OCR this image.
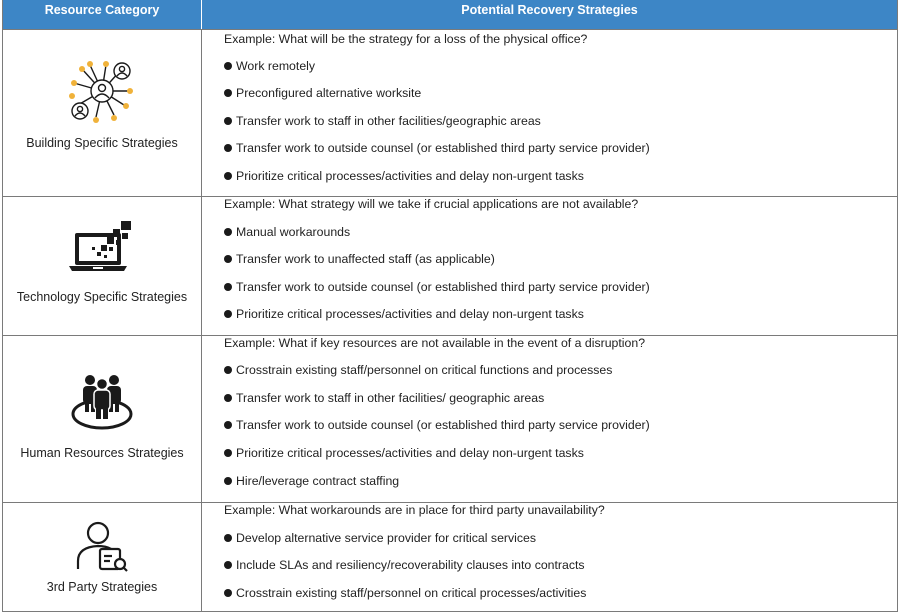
Resource Category	Potential Recovery Strategies
Building Specific Strategies
Example: What will be the strategy for a loss of the physical office?
Work remotely
Preconfigured alternative worksite
Transfer work to staff in other facilities/geographic areas
Transfer work to outside counsel (or established third party service provider)
Prioritize critical processes/activities and delay non-urgent tasks
Technology Specific Strategies
Example: What strategy will we take if crucial applications are not available?
Manual workarounds
Transfer work to unaffected staff (as applicable)
Transfer work to outside counsel (or established third party service provider)
Prioritize critical processes/activities and delay non-urgent tasks
Human Resources Strategies
Example: What if key resources are not available in the event of a disruption?
Crosstrain existing staff/personnel on critical functions and processes
Transfer work to staff in other facilities/ geographic areas
Transfer work to outside counsel (or established third party service provider)
Prioritize critical processes/activities and delay non-urgent tasks
Hire/leverage contract staffing
3rd Party Strategies
Example: What workarounds are in place for third party unavailability?
Develop alternative service provider for critical services
Include SLAs and resiliency/recoverability clauses into contracts
Crosstrain existing staff/personnel on critical processes/activities
